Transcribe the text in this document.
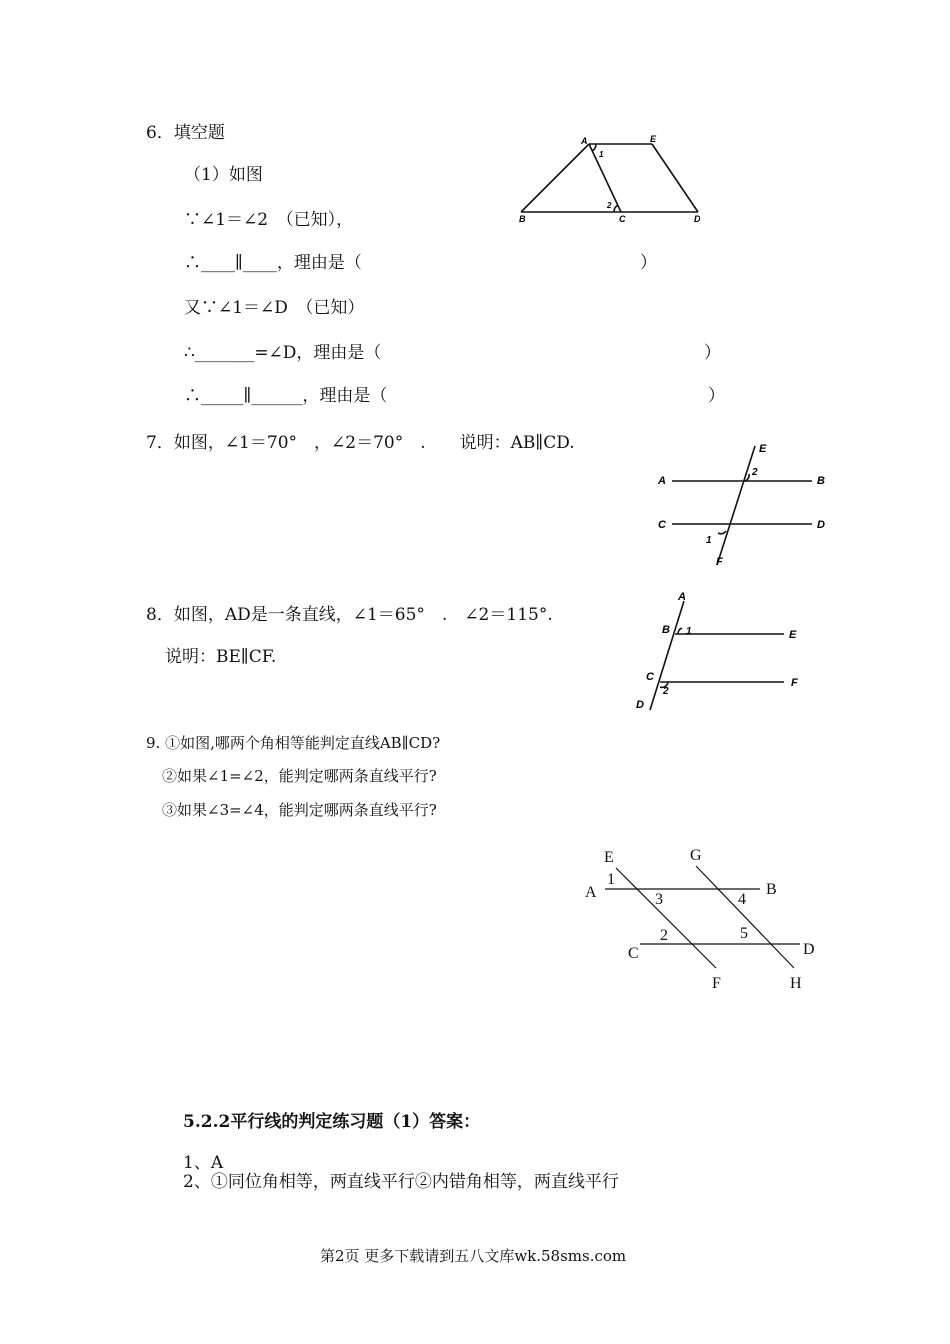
6．填空题
（1）如图
∵∠1＝∠2　（已知），
∴____∥____，理由是（	）
又∵∠1＝∠D　（已知）
∴_______=∠D，理由是（	）
∴_____∥______，理由是（	）
A	E
1
2
B	C	D
7．如图，∠1＝70°　，∠2＝70°　.　　说明：AB∥CD.	E
2
A	B
C	D
1
F
8．如图，AD是一条直线，∠1＝65°　.　∠2＝115°.
说明：BE∥CF.
A
B 1	E
C	F
2
D
9. ①如图,哪两个角相等能判定直线AB∥CD?
②如果∠1=∠2，能判定哪两条直线平行?
③如果∠3=∠4，能判定哪两条直线平行?
E	G
A
1
3	4
B
2	5
D
C
F	H
5.2.2平行线的判定练习题（1）答案：
1、A
2、①同位角相等，两直线平行②内错角相等，两直线平行
第2页 更多下载请到五八文库wk.58sms.com
